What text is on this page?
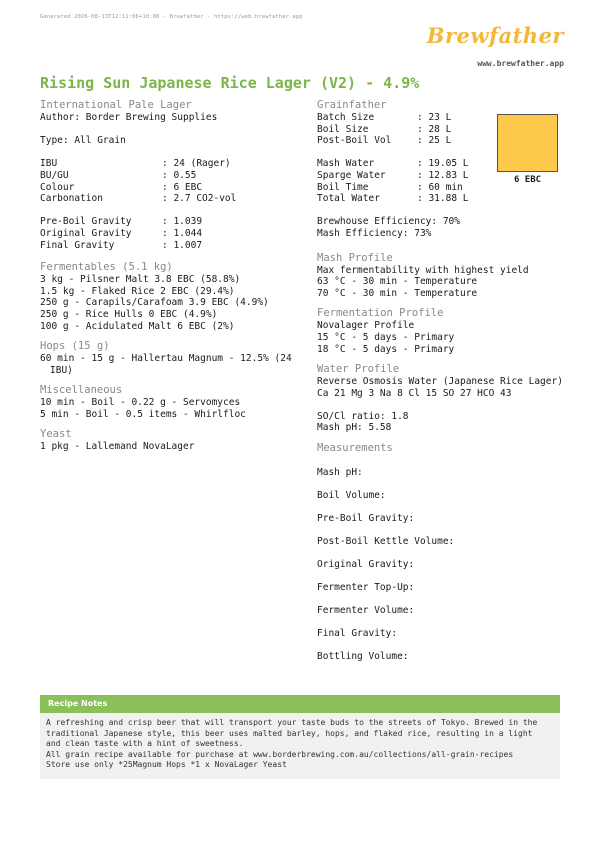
Generated 2026-08-13T12:11:06+10:00 - Brewfather - https://web.brewfather.app
Brewfather
www.brewfather.app
Rising Sun Japanese Rice Lager (V2) - 4.9%
International Pale Lager
Author: Border Brewing Supplies
Type: All Grain
IBU	: 24 (Rager)
BU/GU	: 0.55
Colour	: 6 EBC
Carbonation	: 2.7 CO2-vol
Pre-Boil Gravity	: 1.039
Original Gravity	: 1.044
Final Gravity	: 1.007
Fermentables (5.1 kg)
3 kg - Pilsner Malt 3.8 EBC (58.8%)
1.5 kg - Flaked Rice 2 EBC (29.4%)
250 g - Carapils/Carafoam 3.9 EBC (4.9%)
250 g - Rice Hulls 0 EBC (4.9%)
100 g - Acidulated Malt 6 EBC (2%)
Hops (15 g)
60 min - 15 g - Hallertau Magnum - 12.5% (24
IBU)
Miscellaneous
10 min - Boil - 0.22 g - Servomyces
5 min - Boil - 0.5 items - Whirlfloc
Yeast
1 pkg - Lallemand NovaLager
Grainfather
Batch Size	: 23 L
Boil Size	: 28 L
Post-Boil Vol	: 25 L
Mash Water	: 19.05 L
Sparge Water	: 12.83 L
Boil Time	: 60 min
Total Water	: 31.88 L
Brewhouse Efficiency: 70%
Mash Efficiency: 73%
Mash Profile
Max fermentability with highest yield
63 °C - 30 min - Temperature
70 °C - 30 min - Temperature
Fermentation Profile
Novalager Profile
15 °C - 5 days - Primary
18 °C - 5 days - Primary
Water Profile
Reverse Osmosis Water (Japanese Rice Lager)
Ca 21 Mg 3 Na 8 Cl 15 SO 27 HCO 43
SO/Cl ratio: 1.8
Mash pH: 5.58
Measurements
Mash pH:
Boil Volume:
Pre-Boil Gravity:
Post-Boil Kettle Volume:
Original Gravity:
Fermenter Top-Up:
Fermenter Volume:
Final Gravity:
Bottling Volume:
6 EBC
Recipe Notes
A refreshing and crisp beer that will transport your taste buds to the streets of Tokyo. Brewed in the
traditional Japanese style, this beer uses malted barley, hops, and flaked rice, resulting in a light
and clean taste with a hint of sweetness.
All grain recipe available for purchase at www.borderbrewing.com.au/collections/all-grain-recipes
Store use only *25Magnum Hops *1 x NovaLager Yeast
